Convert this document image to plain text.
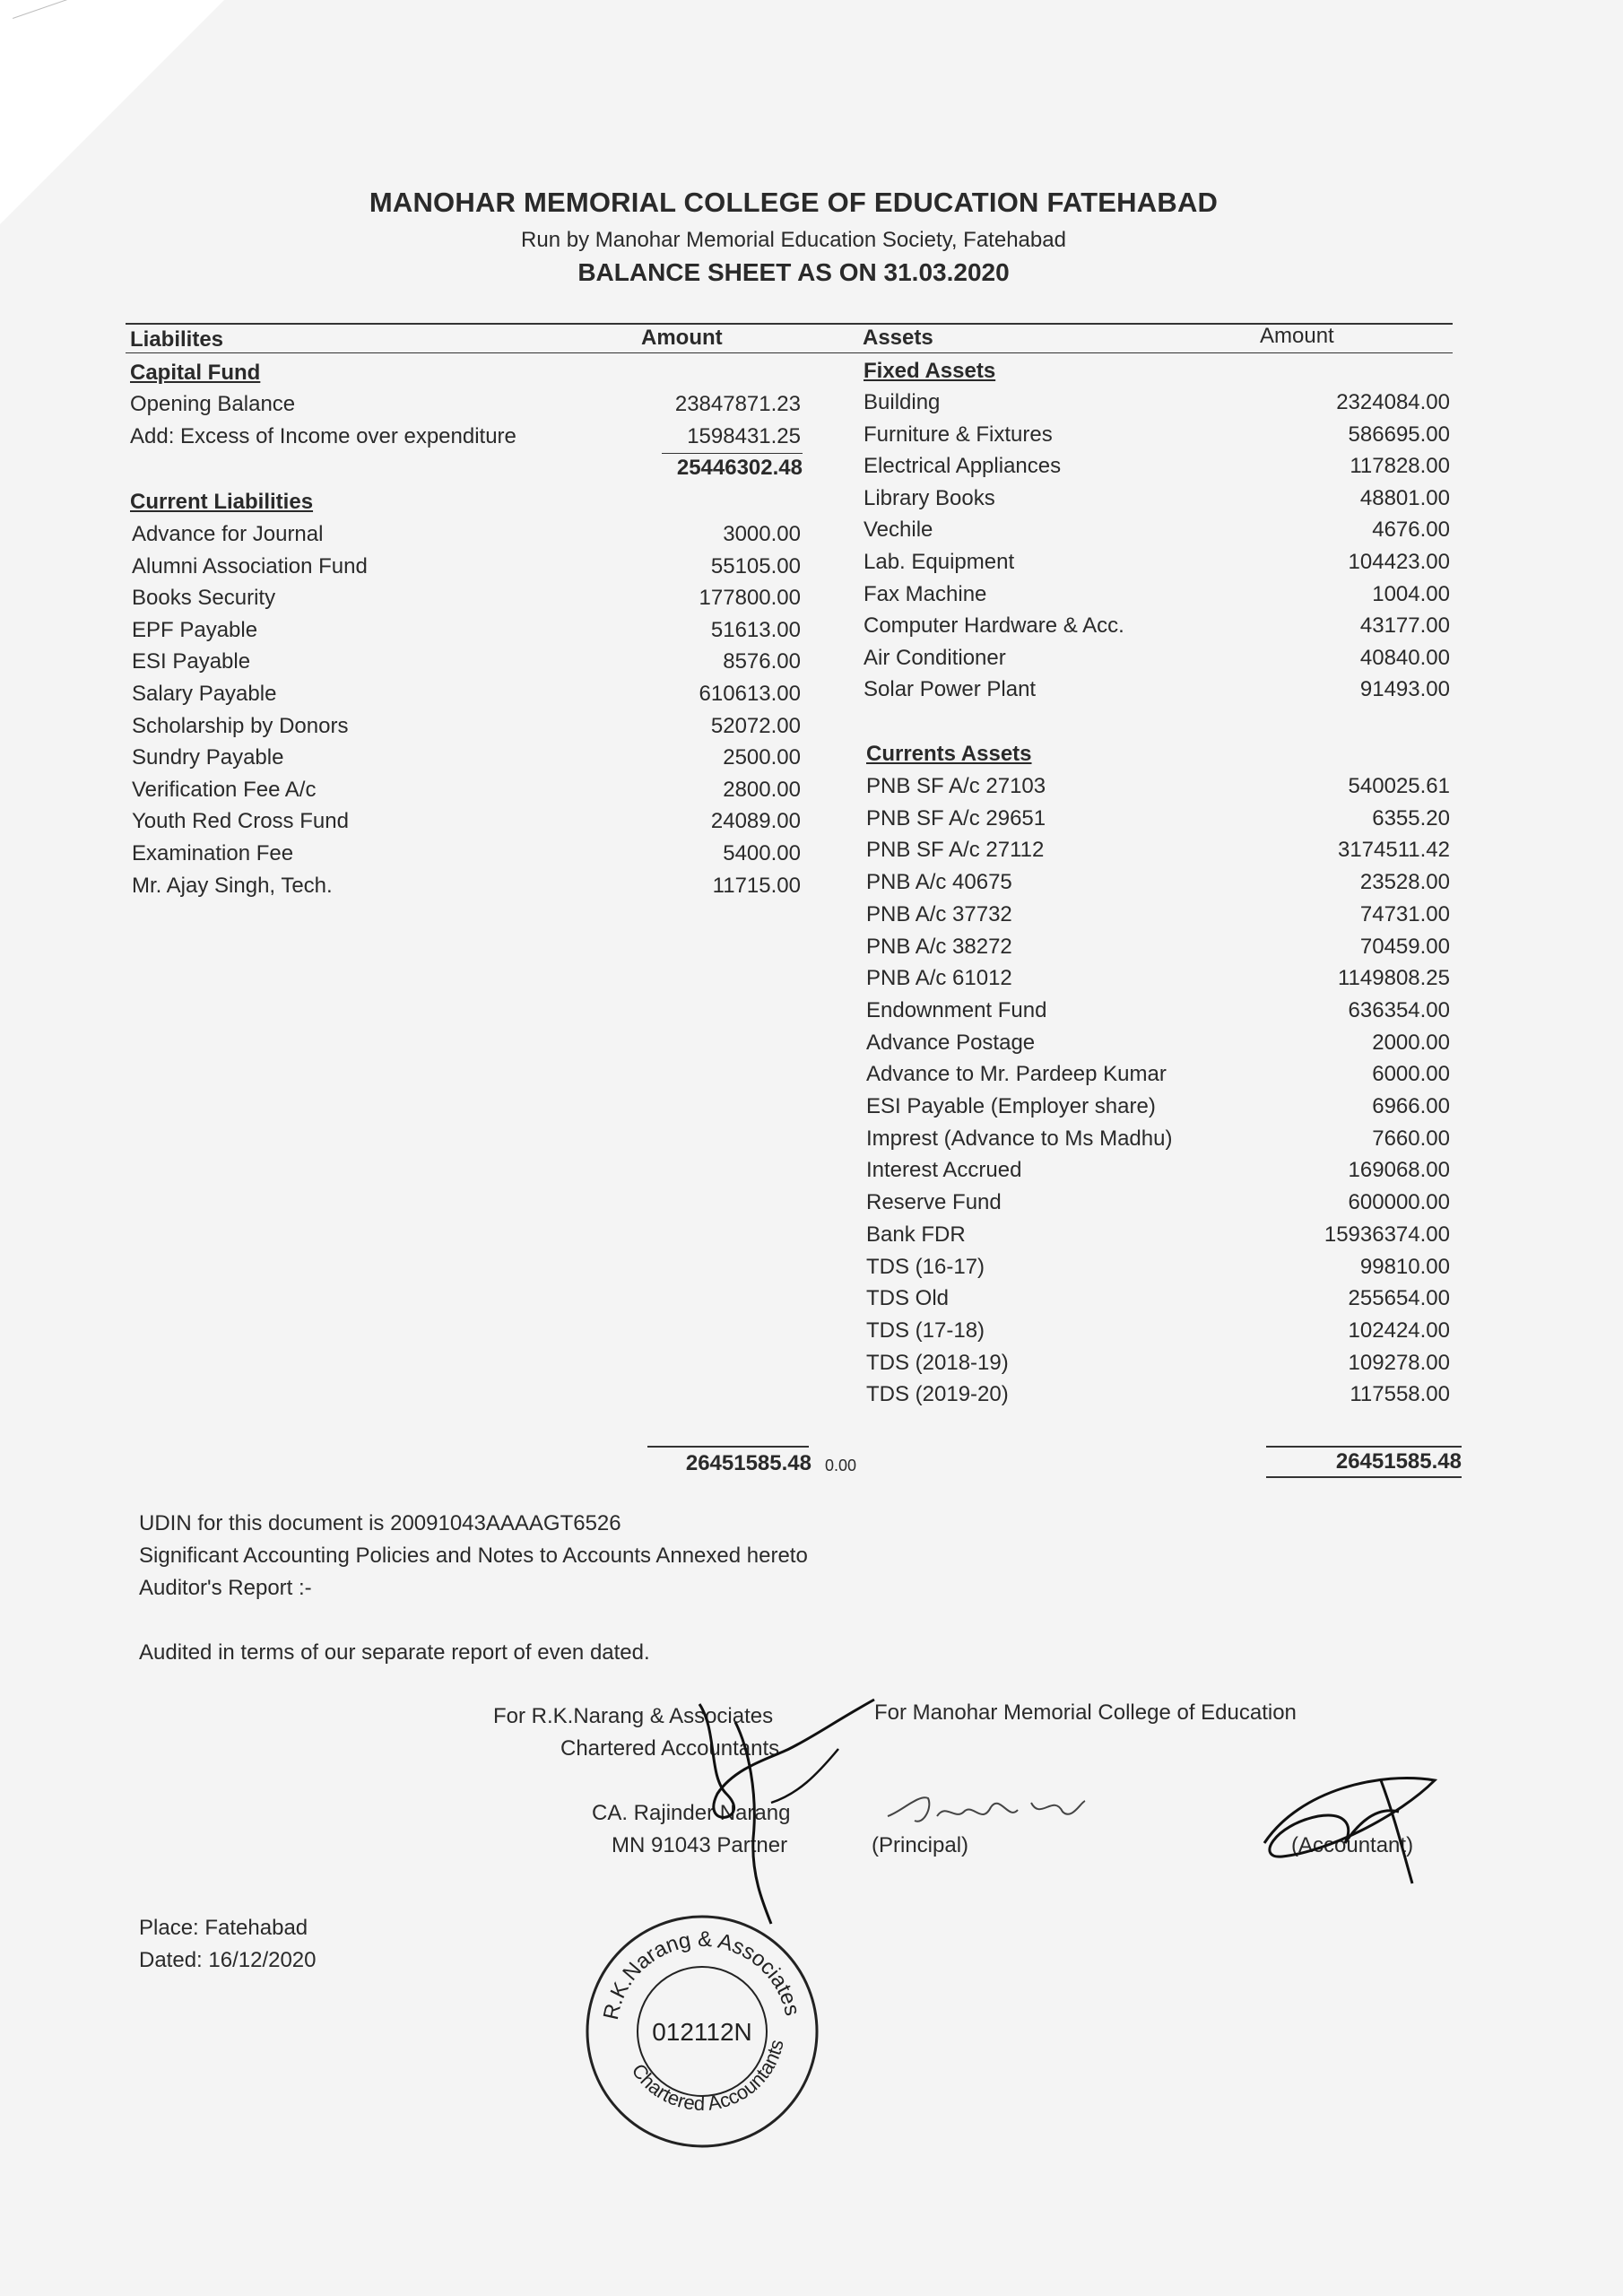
MANOHAR MEMORIAL COLLEGE OF EDUCATION FATEHABAD
Run by Manohar Memorial Education Society, Fatehabad
BALANCE SHEET AS ON 31.03.2020
Liabilites	Amount	Assets	Amount
Capital Fund
Opening Balance	23847871.23
Add: Excess of Income over expenditure	1598431.25
25446302.48
Current Liabilities
Advance for Journal	3000.00
Alumni Association Fund	55105.00
Books Security	177800.00
EPF Payable	51613.00
ESI Payable	8576.00
Salary Payable	610613.00
Scholarship by Donors	52072.00
Sundry Payable	2500.00
Verification Fee A/c	2800.00
Youth Red Cross Fund	24089.00
Examination Fee	5400.00
Mr. Ajay Singh, Tech.	11715.00
Fixed Assets
Building	2324084.00
Furniture & Fixtures	586695.00
Electrical Appliances	117828.00
Library Books	48801.00
Vechile	4676.00
Lab. Equipment	104423.00
Fax Machine	1004.00
Computer Hardware & Acc.	43177.00
Air Conditioner	40840.00
Solar Power Plant	91493.00
Currents Assets
PNB SF A/c 27103	540025.61
PNB SF A/c 29651	6355.20
PNB SF A/c 27112	3174511.42
PNB A/c 40675	23528.00
PNB A/c 37732	74731.00
PNB A/c 38272	70459.00
PNB A/c 61012	1149808.25
Endownment Fund	636354.00
Advance Postage	2000.00
Advance to Mr. Pardeep Kumar	6000.00
ESI Payable (Employer share)	6966.00
Imprest (Advance to Ms Madhu)	7660.00
Interest Accrued	169068.00
Reserve Fund	600000.00
Bank FDR	15936374.00
TDS (16-17)	99810.00
TDS Old	255654.00
TDS (17-18)	102424.00
TDS (2018-19)	109278.00
TDS (2019-20)	117558.00
26451585.48 0.00	26451585.48
UDIN for this document is 20091043AAAAGT6526
Significant Accounting Policies and Notes to Accounts Annexed hereto
Auditor's Report :-
Audited in terms of our separate report of even dated.
For R.K.Narang & Associates
Chartered Accountants
CA. Rajinder Narang
MN 91043 Partner
For Manohar Memorial College of Education
(Principal)	(Accountant)
R.K.Narang & Associates
Chartered Accountants
012112N
Place: Fatehabad
Dated: 16/12/2020
